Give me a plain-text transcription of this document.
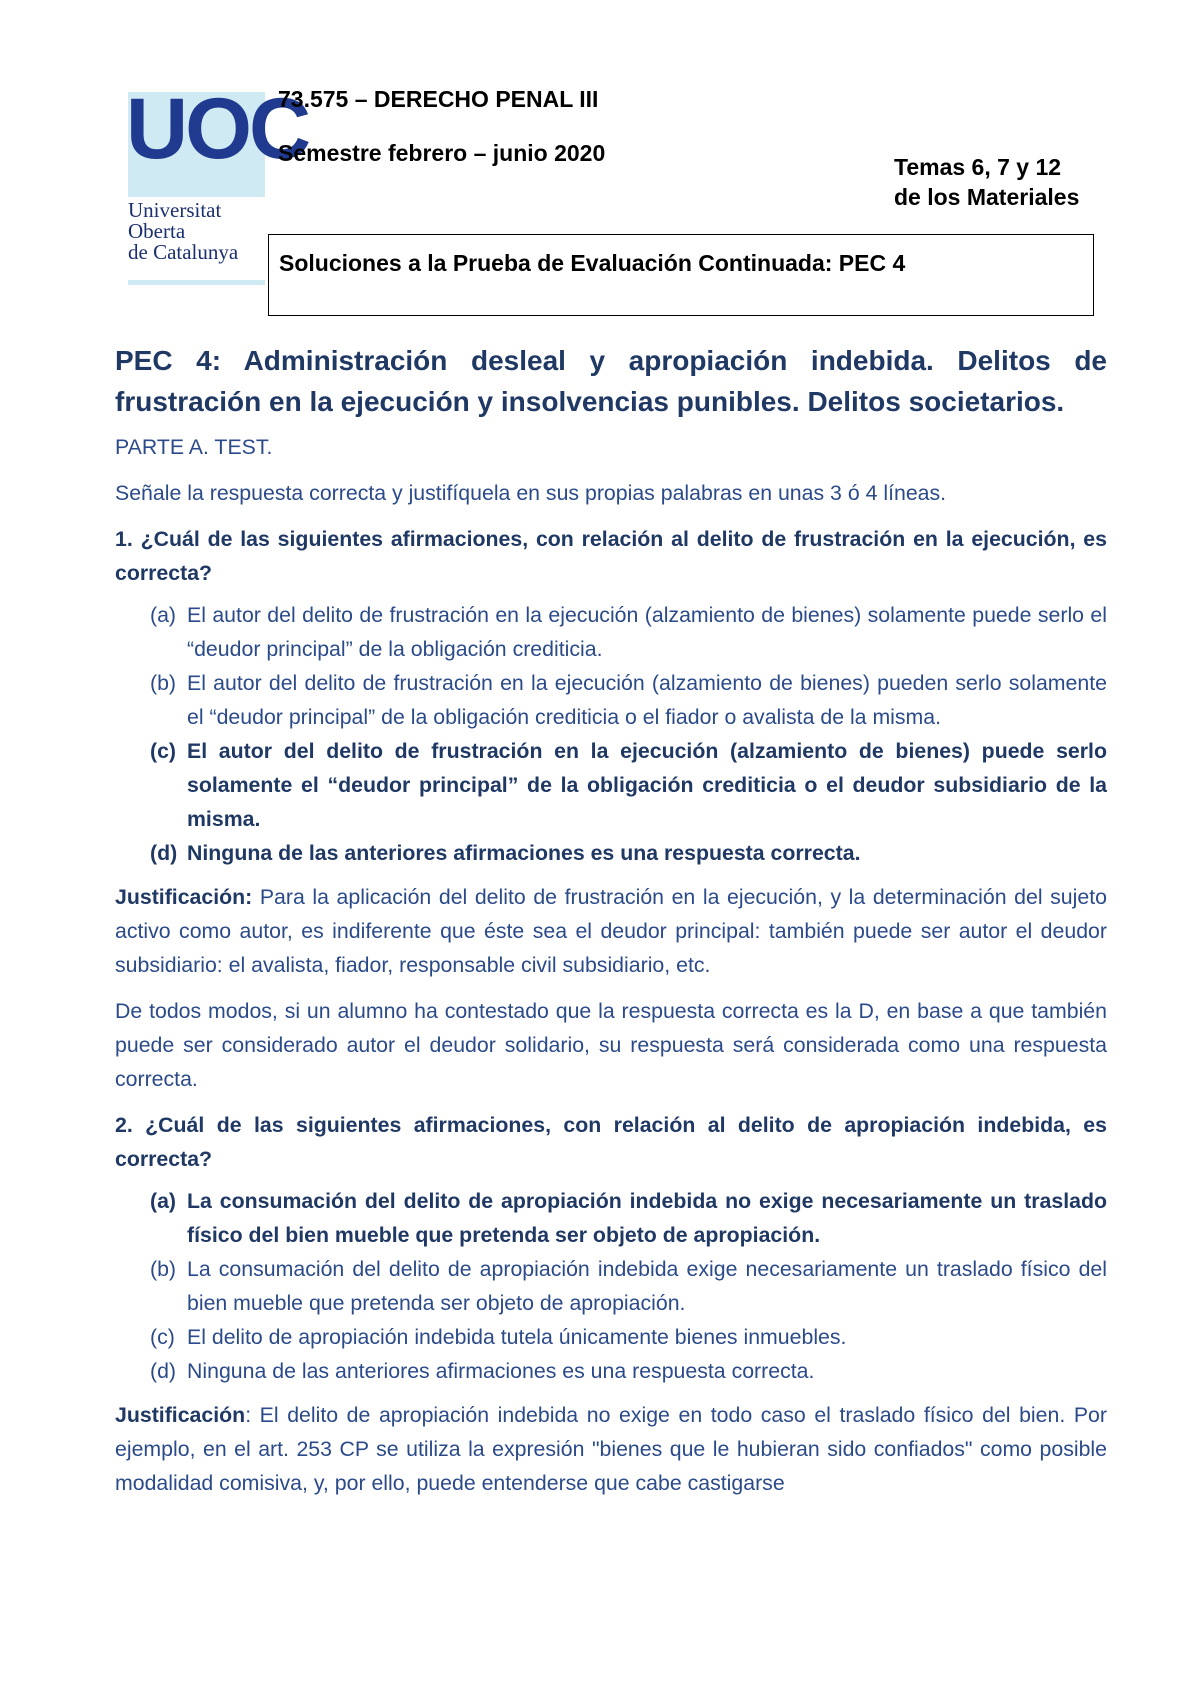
UOC
Universitat
Oberta
de Catalunya
73.575 – DERECHO PENAL III
Semestre febrero – junio 2020
Temas 6, 7 y 12 de los Materiales
Soluciones a la Prueba de Evaluación Continuada: PEC 4
PEC 4: Administración desleal y apropiación indebida. Delitos de frustración en la ejecución y insolvencias punibles. Delitos societarios.

PARTE A. TEST.

Señale la respuesta correcta y justifíquela en sus propias palabras en unas 3 ó 4 líneas.

1. ¿Cuál de las siguientes afirmaciones, con relación al delito de frustración en la ejecución, es correcta?

(a) El autor del delito de frustración en la ejecución (alzamiento de bienes) solamente puede serlo el “deudor principal” de la obligación crediticia.
(b) El autor del delito de frustración en la ejecución (alzamiento de bienes) pueden serlo solamente el “deudor principal” de la obligación crediticia o el fiador o avalista de la misma.
(c) El autor del delito de frustración en la ejecución (alzamiento de bienes) puede serlo solamente el “deudor principal” de la obligación crediticia o el deudor subsidiario de la misma.
(d) Ninguna de las anteriores afirmaciones es una respuesta correcta.

Justificación: Para la aplicación del delito de frustración en la ejecución, y la determinación del sujeto activo como autor, es indiferente que éste sea el deudor principal: también puede ser autor el deudor subsidiario: el avalista, fiador, responsable civil subsidiario, etc.

De todos modos, si un alumno ha contestado que la respuesta correcta es la D, en base a que también puede ser considerado autor el deudor solidario, su respuesta será considerada como una respuesta correcta.

2. ¿Cuál de las siguientes afirmaciones, con relación al delito de apropiación indebida, es correcta?

(a) La consumación del delito de apropiación indebida no exige necesariamente un traslado físico del bien mueble que pretenda ser objeto de apropiación.
(b) La consumación del delito de apropiación indebida exige necesariamente un traslado físico del bien mueble que pretenda ser objeto de apropiación.
(c) El delito de apropiación indebida tutela únicamente bienes inmuebles.
(d) Ninguna de las anteriores afirmaciones es una respuesta correcta.

Justificación: El delito de apropiación indebida no exige en todo caso el traslado físico del bien. Por ejemplo, en el art. 253 CP se utiliza la expresión "bienes que le hubieran sido confiados" como posible modalidad comisiva, y, por ello, puede entenderse que cabe castigarse
